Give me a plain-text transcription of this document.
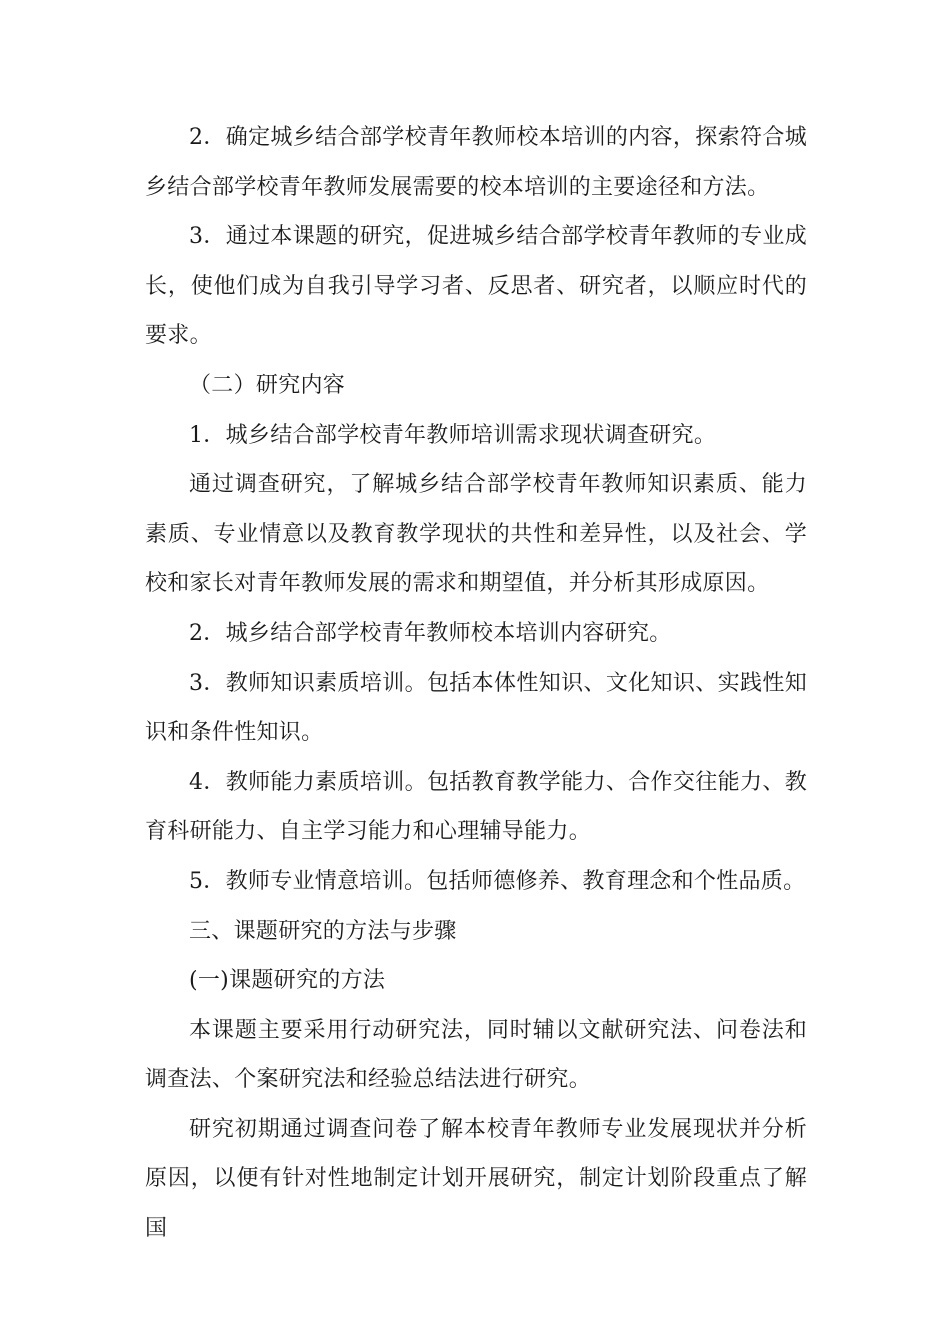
2．确定城乡结合部学校青年教师校本培训的内容，探索符合城乡结合部学校青年教师发展需要的校本培训的主要途径和方法。

3．通过本课题的研究，促进城乡结合部学校青年教师的专业成长，使他们成为自我引导学习者、反思者、研究者，以顺应时代的要求。

（二）研究内容

1．城乡结合部学校青年教师培训需求现状调查研究。

通过调查研究，了解城乡结合部学校青年教师知识素质、能力素质、专业情意以及教育教学现状的共性和差异性，以及社会、学校和家长对青年教师发展的需求和期望值，并分析其形成原因。

2．城乡结合部学校青年教师校本培训内容研究。

3．教师知识素质培训。包括本体性知识、文化知识、实践性知识和条件性知识。

4．教师能力素质培训。包括教育教学能力、合作交往能力、教育科研能力、自主学习能力和心理辅导能力。

5．教师专业情意培训。包括师德修养、教育理念和个性品质。

三、课题研究的方法与步骤

(一)课题研究的方法

本课题主要采用行动研究法，同时辅以文献研究法、问卷法和调查法、个案研究法和经验总结法进行研究。

研究初期通过调查问卷了解本校青年教师专业发展现状并分析原因，以便有针对性地制定计划开展研究，制定计划阶段重点了解国
